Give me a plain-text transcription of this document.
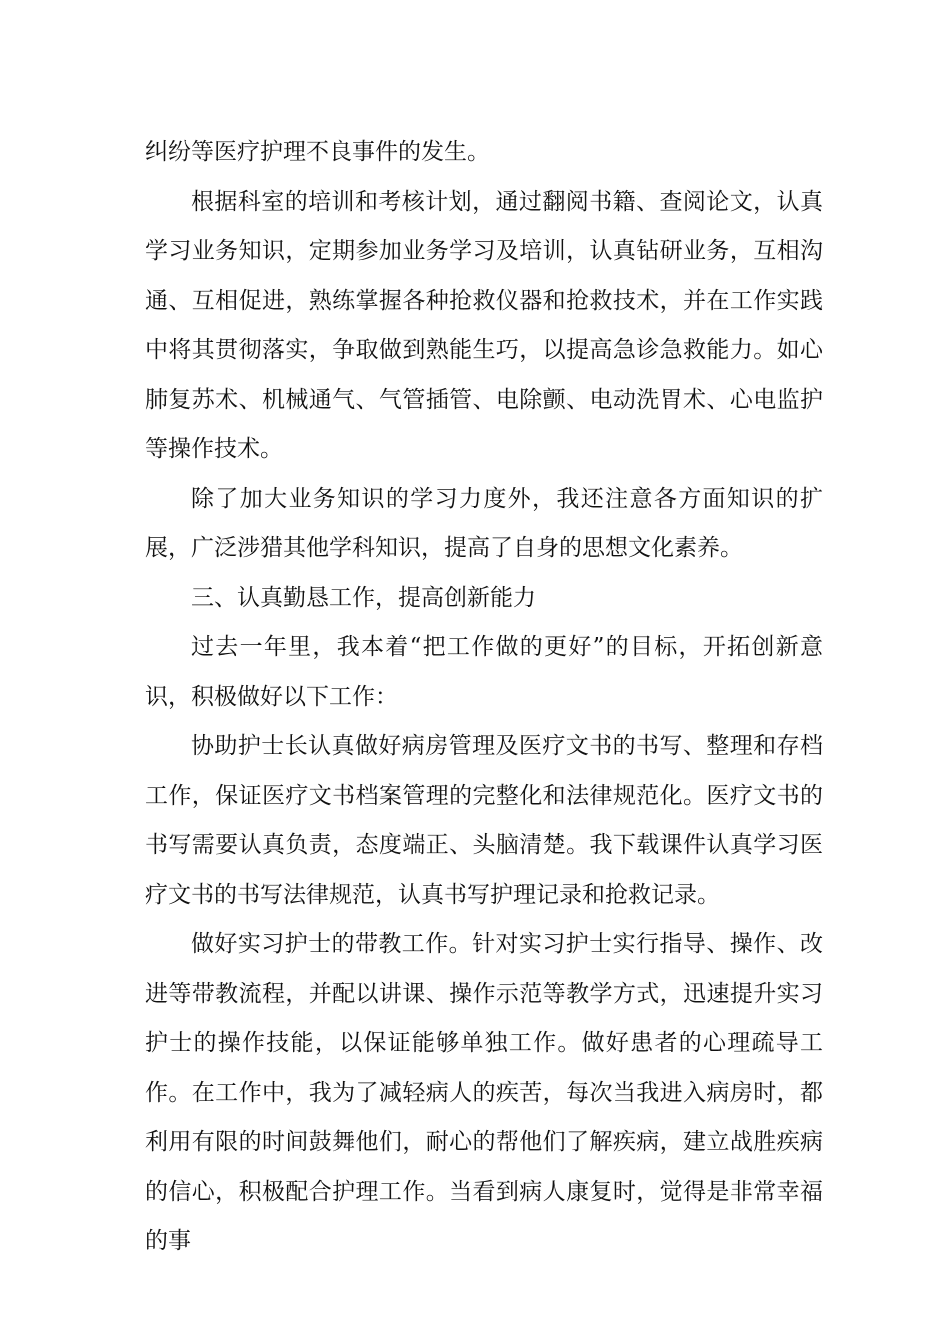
纠纷等医疗护理不良事件的发生。

根据科室的培训和考核计划，通过翻阅书籍、查阅论文，认真学习业务知识，定期参加业务学习及培训，认真钻研业务，互相沟通、互相促进，熟练掌握各种抢救仪器和抢救技术，并在工作实践中将其贯彻落实，争取做到熟能生巧，以提高急诊急救能力。如心肺复苏术、机械通气、气管插管、电除颤、电动洗胃术、心电监护等操作技术。

除了加大业务知识的学习力度外，我还注意各方面知识的扩展，广泛涉猎其他学科知识，提高了自身的思想文化素养。

三、认真勤恳工作，提高创新能力

过去一年里，我本着“把工作做的更好”的目标，开拓创新意识，积极做好以下工作：

协助护士长认真做好病房管理及医疗文书的书写、整理和存档工作，保证医疗文书档案管理的完整化和法律规范化。医疗文书的书写需要认真负责，态度端正、头脑清楚。我下载课件认真学习医疗文书的书写法律规范，认真书写护理记录和抢救记录。

做好实习护士的带教工作。针对实习护士实行指导、操作、改进等带教流程，并配以讲课、操作示范等教学方式，迅速提升实习护士的操作技能，以保证能够单独工作。做好患者的心理疏导工作。在工作中，我为了减轻病人的疾苦，每次当我进入病房时，都利用有限的时间鼓舞他们，耐心的帮他们了解疾病，建立战胜疾病的信心，积极配合护理工作。当看到病人康复时，觉得是非常幸福的事
